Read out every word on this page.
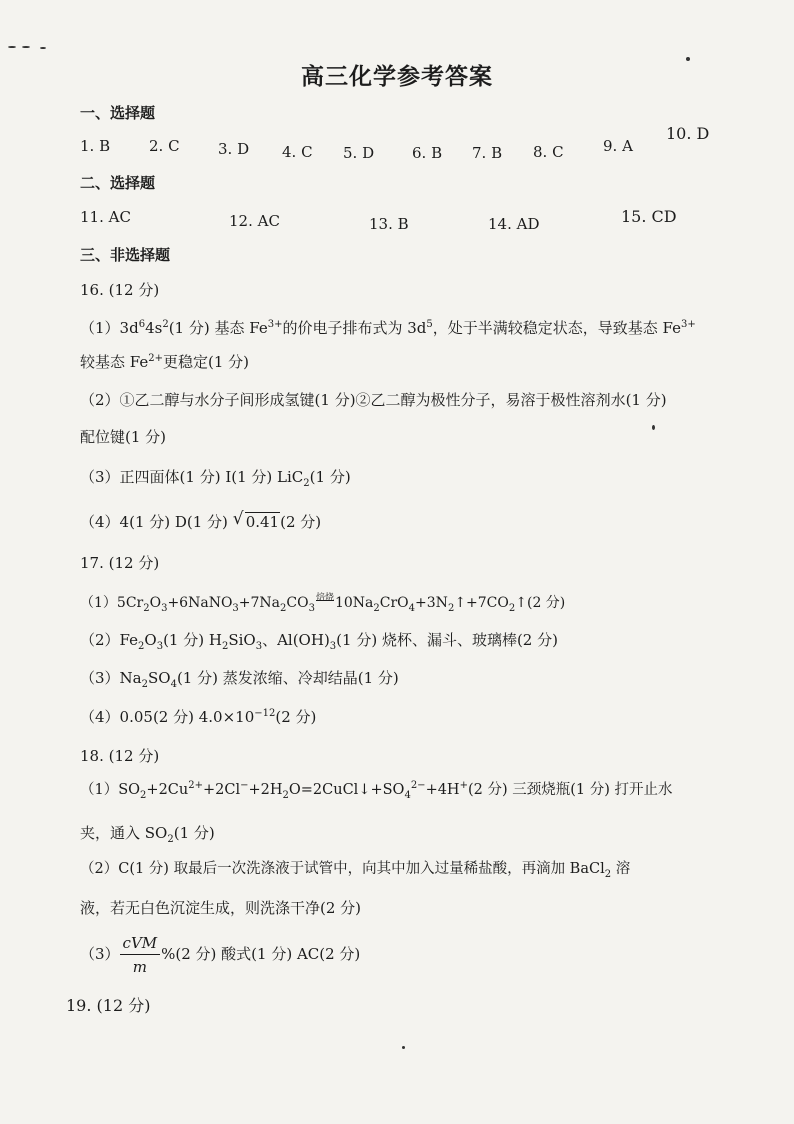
高三化学参考答案
一、选择题
1. B	2. C	3. D 4. C 5. D	6. B 7. B 8. C	9. A
10. D
二、选择题
11. AC	12. AC	13. B	14. AD	15. CD
三、非选择题
16. (12 分)
$(1)3d^64s^2(1$ 分) 基态 $Fe^{3+}$的价电子排布式为 $3d^5$，处于半满较稳定状态，导致基态 $Fe^{3+}$
较基态 $Fe^{2+}$更稳定(1 分)
（2）①乙二醇与水分子间形成氢键(1 分)②乙二醇为极性分子，易溶于极性溶剂水(1 分)
配位键(1 分)
（3）正四面体(1 分) I(1 分) LiC$_2$(1 分)
（4）4(1 分) D(1 分) √ 0.41(2 分)
17. (12 分)
$(1)5Cr_2O_3+6NaNO_3+7Na_2CO_3$
焙烧 $10Na_2CrO_4+3N_2↑+7CO_2↑(2$ 分)
$(2)Fe_2O_3(1$ 分) $H_2SiO_3$、$Al(OH)_3(1$ 分) 烧杯、漏斗、玻璃棒(2 分)
$(3)Na_2SO_4(1$ 分) 蒸发浓缩、冷却结晶(1 分)
（4）0.05(2 分) $4.0\times 10^{-12}(2$ 分)
18. (12 分)
$(1)SO_2+2Cu^{2+}+2Cl^-+2H_2O=2CuCl↓+SO_4^{2-}+4H^+(2$ 分) 三颈烧瓶(1 分) 打开止水
夹，通入 $SO_2(1$ 分)
（2）C(1 分) 取最后一次洗涤液于试管中，向其中加入过量稀盐酸，再滴加 BaCl$_2$ 溶
液，若无白色沉淀生成，则洗涤干净(2 分)
$(3) \frac{\text{cVM}}{m} \%(2$ 分) 酸式(1 分) AC(2 分)
19. (12 分)
